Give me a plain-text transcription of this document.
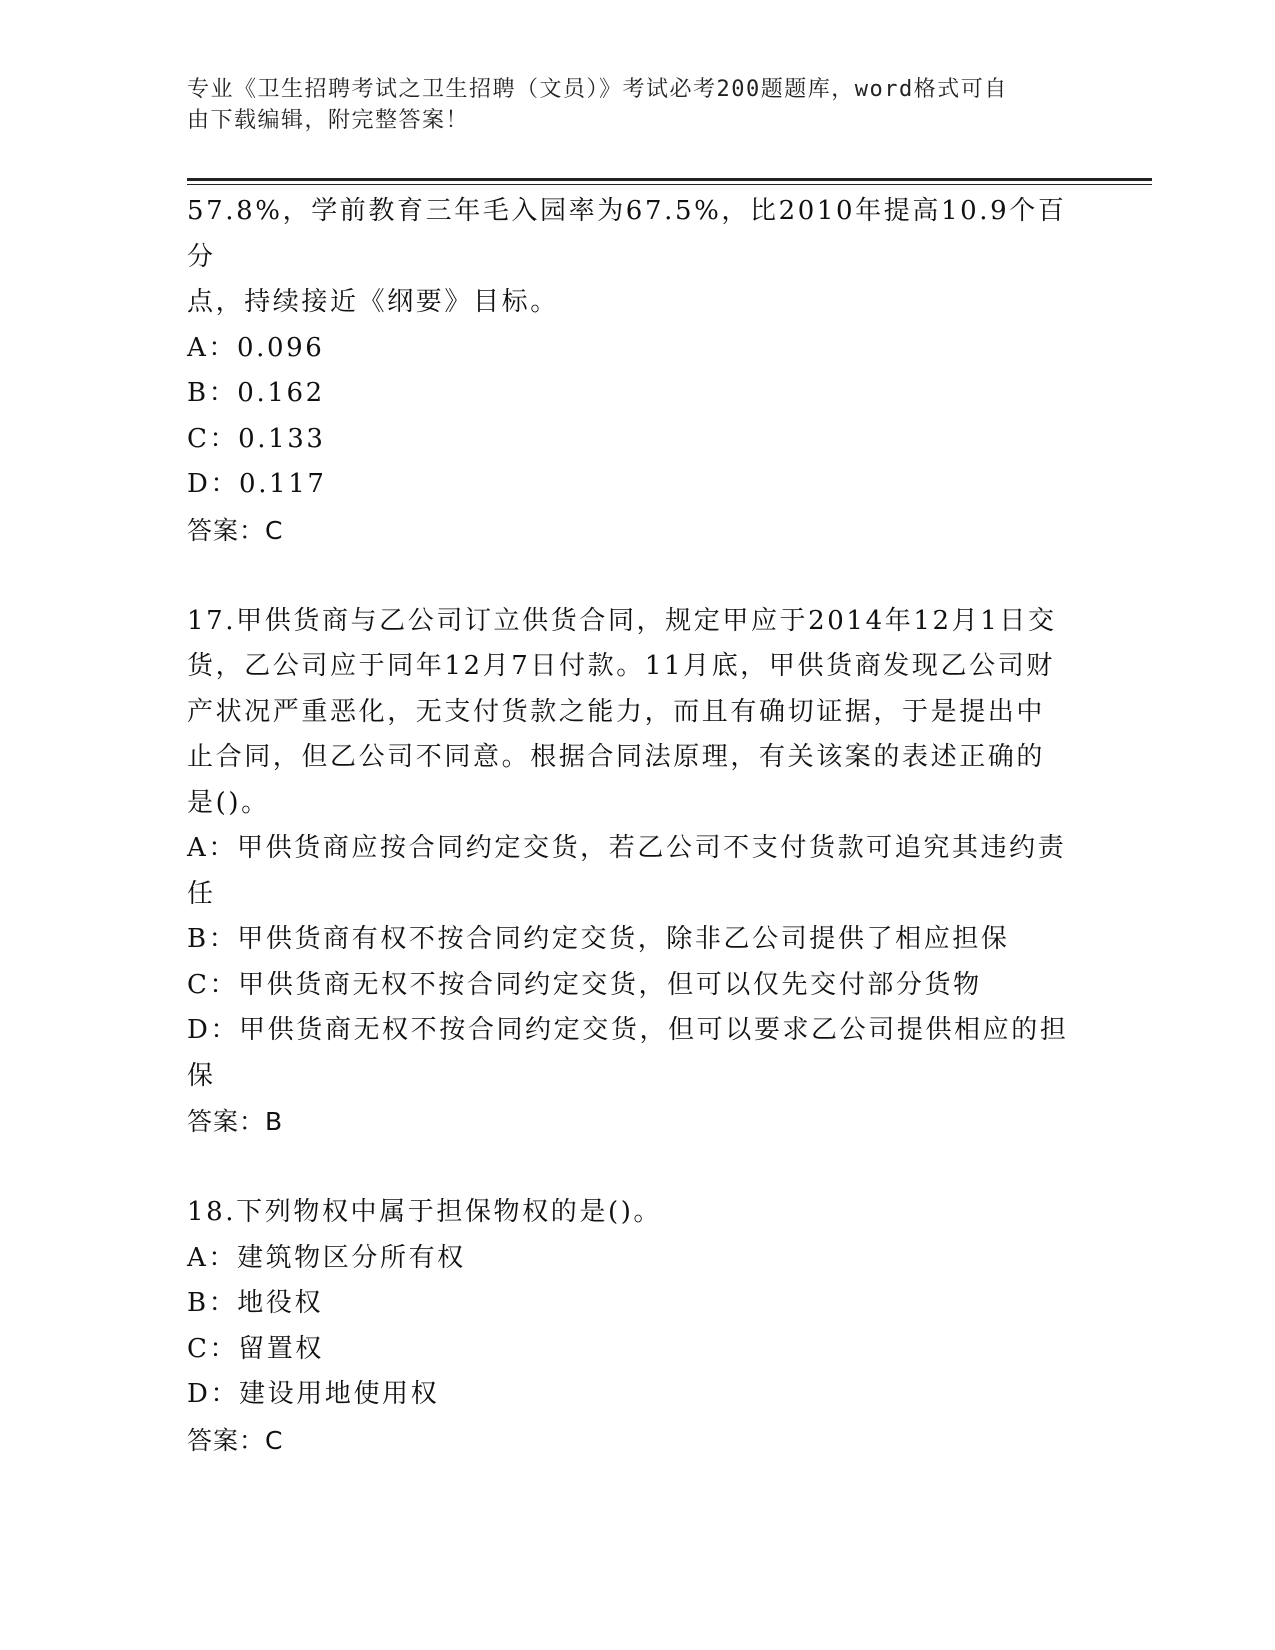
专业《卫生招聘考试之卫生招聘（文员）》考试必考200题题库，word格式可自
由下载编辑，附完整答案！
57.8%，学前教育三年毛入园率为67.5%，比2010年提高10.9个百分
点，持续接近《纲要》目标。
A：0.096
B：0.162
C：0.133
D：0.117
答案：C
17.甲供货商与乙公司订立供货合同，规定甲应于2014年12月1日交
货，乙公司应于同年12月7日付款。11月底，甲供货商发现乙公司财
产状况严重恶化，无支付货款之能力，而且有确切证据，于是提出中
止合同，但乙公司不同意。根据合同法原理，有关该案的表述正确的
是()。
A：甲供货商应按合同约定交货，若乙公司不支付货款可追究其违约责
任
B：甲供货商有权不按合同约定交货，除非乙公司提供了相应担保
C：甲供货商无权不按合同约定交货，但可以仅先交付部分货物
D：甲供货商无权不按合同约定交货，但可以要求乙公司提供相应的担
保
答案：B
18.下列物权中属于担保物权的是()。
A：建筑物区分所有权
B：地役权
C：留置权
D：建设用地使用权
答案：C
